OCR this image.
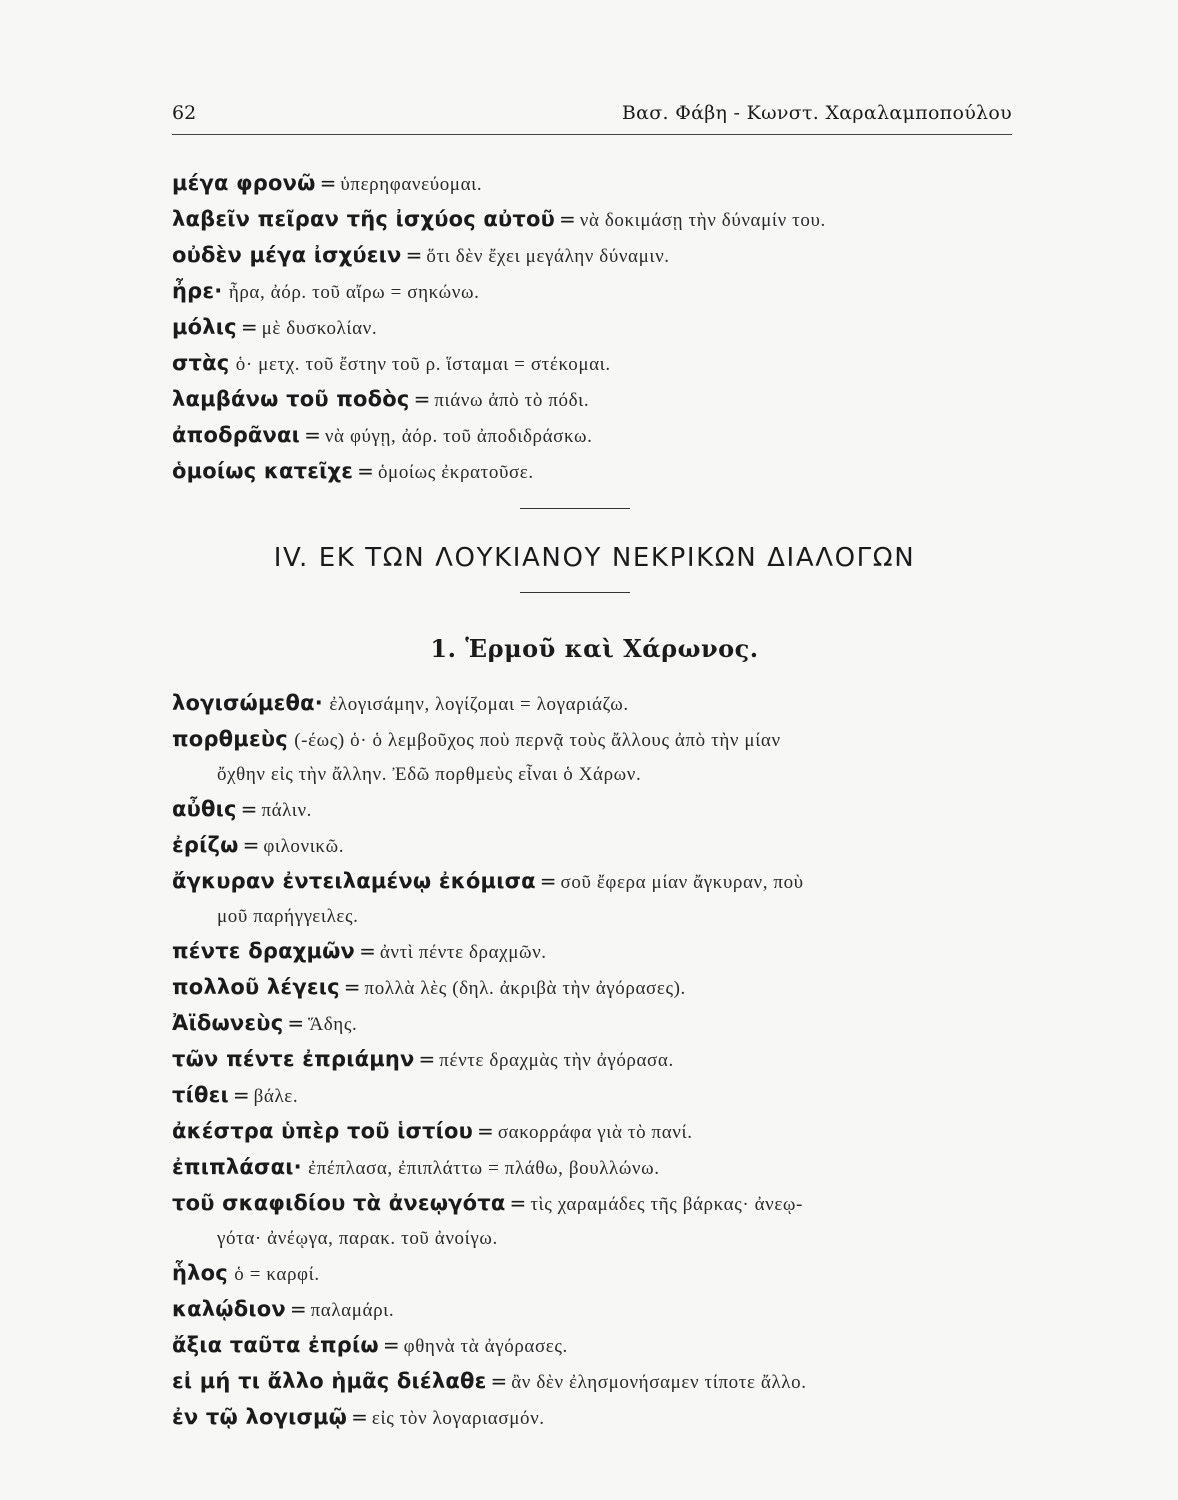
62	Βασ. Φάβη - Κωνστ. Χαραλαμποπούλου
μέγα φρονῶ = ὑπερηφανεύομαι.
λαβεῖν πεῖραν τῆς ἰσχύος αὐτοῦ = νὰ δοκιμάσῃ τὴν δύναμίν του.
οὐδὲν μέγα ἰσχύειν = ὅτι δὲν ἔχει μεγάλην δύναμιν.
ἦρε· ἦρα, ἀόρ. τοῦ αἴρω = σηκώνω.
μόλις = μὲ δυσκολίαν.
στὰς ὁ· μετχ. τοῦ ἔστην τοῦ ρ. ἵσταμαι = στέκομαι.
λαμβάνω τοῦ ποδὸς = πιάνω ἀπὸ τὸ πόδι.
ἀποδρᾶναι = νὰ φύγῃ, ἀόρ. τοῦ ἀποδιδράσκω.
ὁμοίως κατεῖχε = ὁμοίως ἐκρατοῦσε.
IV. ΕΚ ΤΩΝ ΛΟΥΚΙΑΝΟΥ ΝΕΚΡΙΚΩΝ ΔΙΑΛΟΓΩΝ
1. Ἑρμοῦ καὶ Χάρωνος.
λογισώμεθα· ἐλογισάμην, λογίζομαι = λογαριάζω.
πορθμεὺς (-έως) ὁ· ὁ λεμβοῦχος ποὺ περνᾷ τοὺς ἄλλους ἀπὸ τὴν μίαν
ὄχθην εἰς τὴν ἄλλην. Ἐδῶ πορθμεὺς εἶναι ὁ Χάρων.
αὖθις = πάλιν.
ἐρίζω = φιλονικῶ.
ἄγκυραν ἐντειλαμένῳ ἐκόμισα = σοῦ ἔφερα μίαν ἄγκυραν, ποὺ
μοῦ παρήγγειλες.
πέντε δραχμῶν = ἀντὶ πέντε δραχμῶν.
πολλοῦ λέγεις = πολλὰ λὲς (δηλ. ἀκριβὰ τὴν ἀγόρασες).
Ἀϊδωνεὺς = Ἅδης.
τῶν πέντε ἐπριάμην = πέντε δραχμὰς τὴν ἀγόρασα.
τίθει = βάλε.
ἀκέστρα ὑπὲρ τοῦ ἱστίου = σακορράφα γιὰ τὸ πανί.
ἐπιπλάσαι· ἐπέπλασα, ἐπιπλάττω = πλάθω, βουλλώνω.
τοῦ σκαφιδίου τὰ ἀνεῳγότα = τὶς χαραμάδες τῆς βάρκας· ἀνεῳ-
γότα· ἀνέῳγα, παρακ. τοῦ ἀνοίγω.
ἧλος ὁ = καρφί.
καλῴδιον = παλαμάρι.
ἄξια ταῦτα ἐπρίω = φθηνὰ τὰ ἀγόρασες.
εἰ μή τι ἄλλο ἡμᾶς διέλαθε = ἂν δὲν ἐλησμονήσαμεν τίποτε ἄλλο.
ἐν τῷ λογισμῷ = εἰς τὸν λογαριασμόν.
